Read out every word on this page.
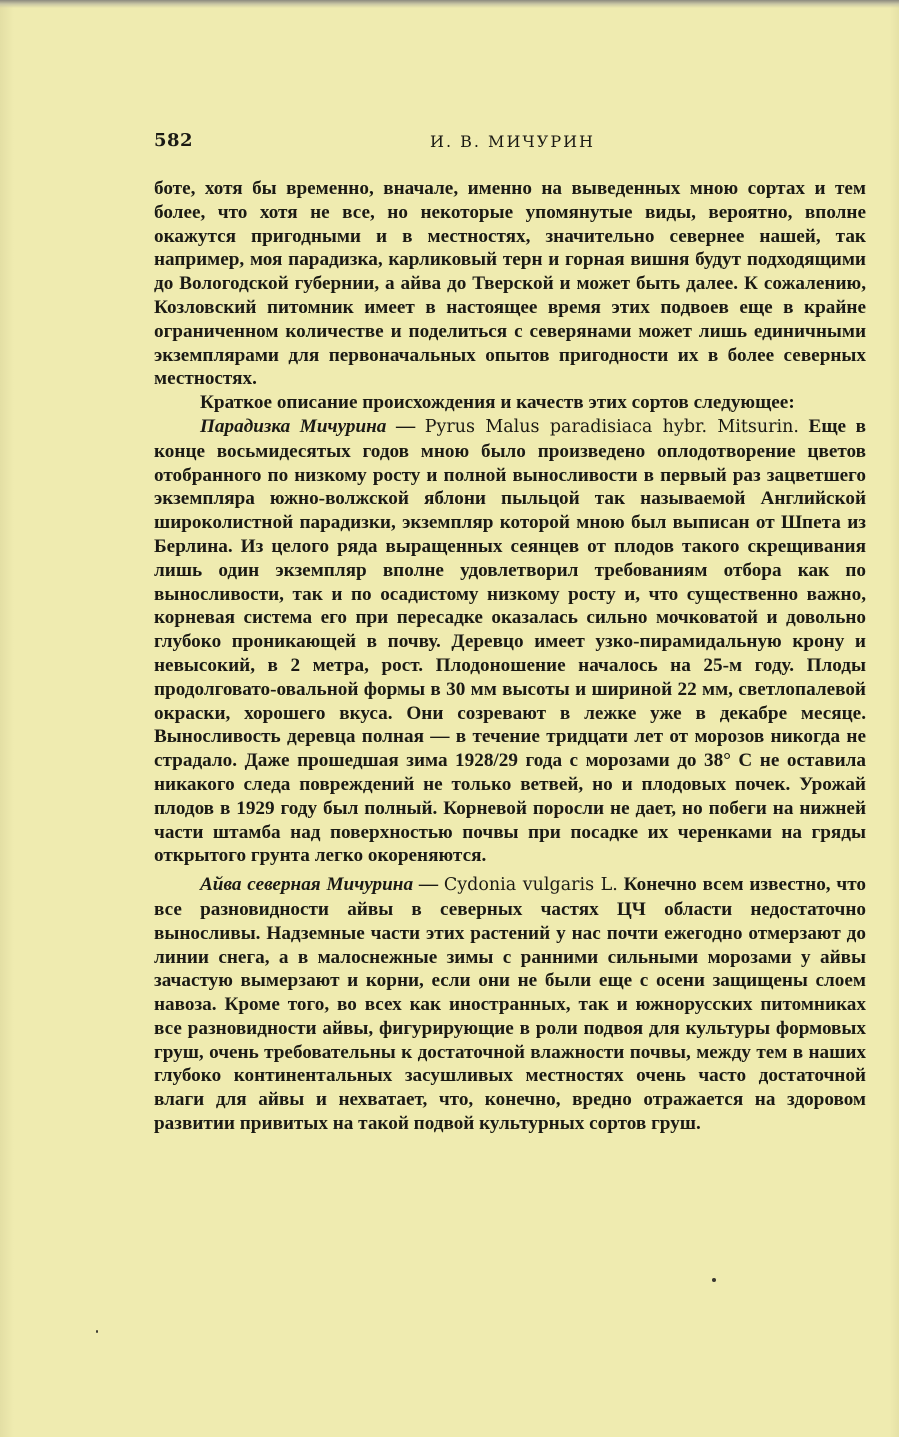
582	И. В. МИЧУРИН

боте, хотя бы временно, вначале, именно на выведенных мною сортах и тем более, что хотя не все, но некоторые упомянутые виды, вероятно, вполне окажутся пригодными и в местностях, значительно севернее нашей, так например, моя парадизка, карликовый терн и горная вишня будут подходящими до Вологодской губернии, а айва до Тверской и может быть далее. К сожалению, Козловский питомник имеет в настоящее время этих подвоев еще в крайне ограниченном количестве и поделиться с северянами может лишь единичными экземплярами для первоначальных опытов пригодности их в более северных местностях.

Краткое описание происхождения и качеств этих сортов следующее:

Парадизка Мичурина — Pyrus Malus paradisiaca hybr. Mitsurin. Еще в конце восьмидесятых годов мною было произведено оплодотворение цветов отобранного по низкому росту и полной выносливости в первый раз зацветшего экземпляра южно-волжской яблони пыльцой так называемой Английской широколистной парадизки, экземпляр которой мною был выписан от Шпета из Берлина. Из целого ряда выращенных сеянцев от плодов такого скрещивания лишь один экземпляр вполне удовлетворил требованиям отбора как по выносливости, так и по осадистому низкому росту и, что существенно важно, корневая система его при пересадке оказалась сильно мочковатой и довольно глубоко проникающей в почву. Деревцо имеет узко-пирамидальную крону и невысокий, в 2 метра, рост. Плодоношение началось на 25-м году. Плоды продолговато-овальной формы в 30 мм высоты и шириной 22 мм, светлопалевой окраски, хорошего вкуса. Они созревают в лежке уже в декабре месяце. Выносливость деревца полная — в течение тридцати лет от морозов никогда не страдало. Даже прошедшая зима 1928/29 года с морозами до 38° С не оставила никакого следа повреждений не только ветвей, но и плодовых почек. Урожай плодов в 1929 году был полный. Корневой поросли не дает, но побеги на нижней части штамба над поверхностью почвы при посадке их черенками на гряды открытого грунта легко окореняются.

Айва северная Мичурина — Cydonia vulgaris L. Конечно всем известно, что все разновидности айвы в северных частях ЦЧ области недостаточно выносливы. Надземные части этих растений у нас почти ежегодно отмерзают до линии снега, а в малоснежные зимы с ранними сильными морозами у айвы зачастую вымерзают и корни, если они не были еще с осени защищены слоем навоза. Кроме того, во всех как иностранных, так и южнорусских питомниках все разновидности айвы, фигурирующие в роли подвоя для культуры формовых груш, очень требовательны к достаточной влажности почвы, между тем в наших глубоко континентальных засушливых местностях очень часто достаточной влаги для айвы и нехватает, что, конечно, вредно отражается на здоровом развитии привитых на такой подвой культурных сортов груш.
